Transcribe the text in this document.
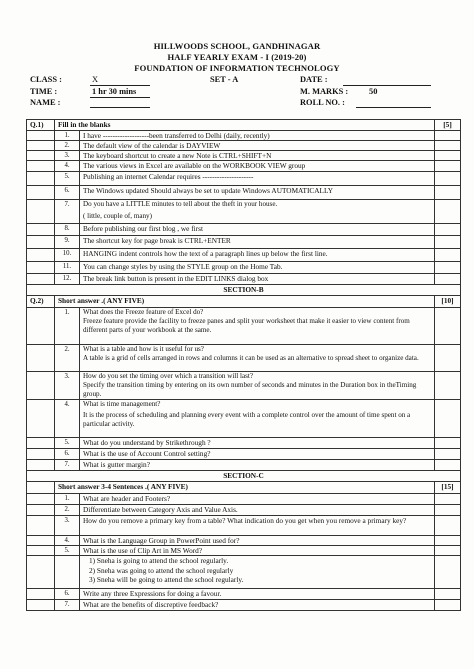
HILLWOODS SCHOOL, GANDHINAGAR
HALF YEARLY EXAM - I (2019-20)
FOUNDATION OF INFORMATION TECHNOLOGY
CLASS :	X	SET - A	DATE :
TIME :	1 hr 30 mins	M. MARKS : 50
NAME :	ROLL NO. :
Q.1)	Fill in the blanks		[5]
	1.	I have -------------------been transferred to Delhi (daily, recently)	
	2.	The default view of the calendar is DAYVIEW	
	3.	The keyboard shortcut to create a new Note is CTRL+SHIFT+N	
	4.	The various views in Excel are available on the WORKBOOK VIEW group	
	5.	Publishing an internet Calendar requires ---------------------	
	6.	The Windows updated Should always be set to update Windows AUTOMATICALLY	
	7.	Do you have a LITTLE minutes to tell about the theft in your house.
( little, couple of, many)	

	8.	Before publishing our first blog , we first	
	9.	The shortcut key for page break is CTRL+ENTER	
	10.	HANGING indent controls how the text of a paragraph lines up below the first line.	
	11.	You can change styles by using the STYLE group on the Home Tab.	
	12.	The break link button is present in the EDIT LINKS dialog box	
SECTION-B			
Q.2)	Short answer .( ANY FIVE)		[10]
	1.	What does the Freeze feature of Excel do?
Freeze feature provide the facility to freeze panes and split your worksheet that make it easier to view content from different parts of your workbook at the same.	

	2.	What is a table and how is it useful for us?
A table is a grid of cells arranged in rows and columns it can be used as an alternative to spread sheet to organize data.	

	3.	How do you set the timing over which a transition will last?
Specify the transition timing by entering on its own number of seconds and minutes in the Duration box in theTiming group.	

	4.	What is time management?
It is the process of scheduling and planning every event with a complete control over the amount of time spent on a particular activity.	

	5.	What do you understand by Strikethrough ?	
	6.	What is the use of Account Control setting?	
	7.	What is gutter margin?	
SECTION-C			
	Short answer 3-4 Sentences .( ANY FIVE)		[15]
	1.	What are header and Footers?	
	2.	Differentiate between Category Axis and Value Axis.	
	3.	How do you remove a primary key from a table? What indication do you get when you remove a primary key?	
	4.	What is the Language Group in PowerPoint used for?	
	5.	What is the use of Clip Art in MS Word?	

		1) Sneha is going to attend the school regularly.
2) Sneha was going to attend the school regularly
3) Sneha will be going to attend the school regularly.	

	6.	Write any three Expressions for doing a favour.	
	7.	What are the benefits of discreptive feedback?	
